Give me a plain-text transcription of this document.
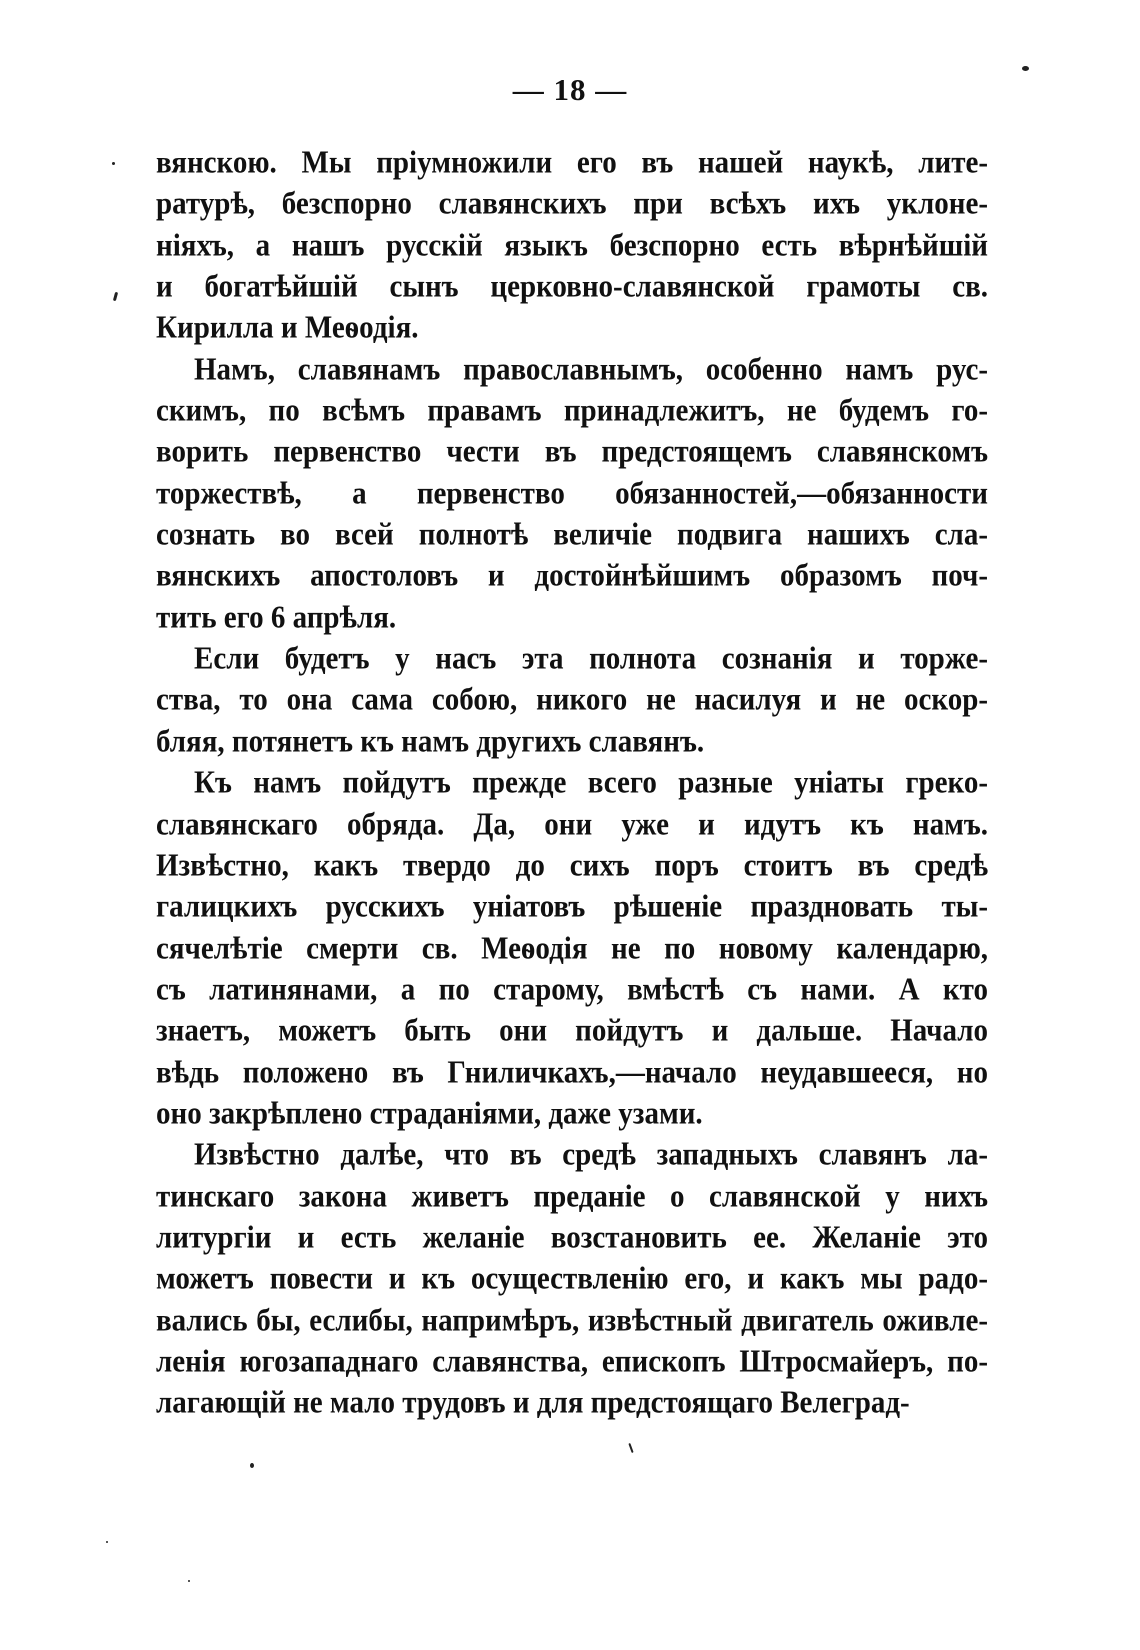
— 18 —
вянскою. Мы пріумножили его въ нашей наукѣ, лите-
ратурѣ, безспорно славянскихъ при всѣхъ ихъ уклоне-
ніяхъ, а нашъ русскій языкъ безспорно есть вѣрнѣйшій
и богатѣйшій сынъ церковно-славянской грамоты св.
Кирилла и Меѳодія.
Намъ, славянамъ православнымъ, особенно намъ рус-
скимъ, по всѣмъ правамъ принадлежитъ, не будемъ го-
ворить первенство чести въ предстоящемъ славянскомъ
торжествѣ, а первенство обязанностей,—обязанности
сознать во всей полнотѣ величіе подвига нашихъ сла-
вянскихъ апостоловъ и достойнѣйшимъ образомъ поч-
тить его 6 апрѣля.
Если будетъ у насъ эта полнота сознанія и торже-
ства, то она сама собою, никого не насилуя и не оскор-
бляя, потянетъ къ намъ другихъ славянъ.
Къ намъ пойдутъ прежде всего разные уніаты греко-
славянскаго обряда. Да, они уже и идутъ къ намъ.
Извѣстно, какъ твердо до сихъ поръ стоитъ въ средѣ
галицкихъ русскихъ уніатовъ рѣшеніе праздновать ты-
сячелѣтіе смерти св. Меѳодія не по новому календарю,
съ латинянами, а по старому, вмѣстѣ съ нами. А кто
знаетъ, можетъ быть они пойдутъ и дальше. Начало
вѣдь положено въ Гниличкахъ,—начало неудавшееся, но
оно закрѣплено страданіями, даже узами.
Извѣстно далѣе, что въ средѣ западныхъ славянъ ла-
тинскаго закона живетъ преданіе о славянской у нихъ
литургіи и есть желаніе возстановить ее. Желаніе это
можетъ повести и къ осуществленію его, и какъ мы радо-
вались бы, еслибы, напримѣръ, извѣстный двигатель оживле-
ленія югозападнаго славянства, епископъ Штросмайеръ, по-
лагающій не мало трудовъ и для предстоящаго Велеград-
